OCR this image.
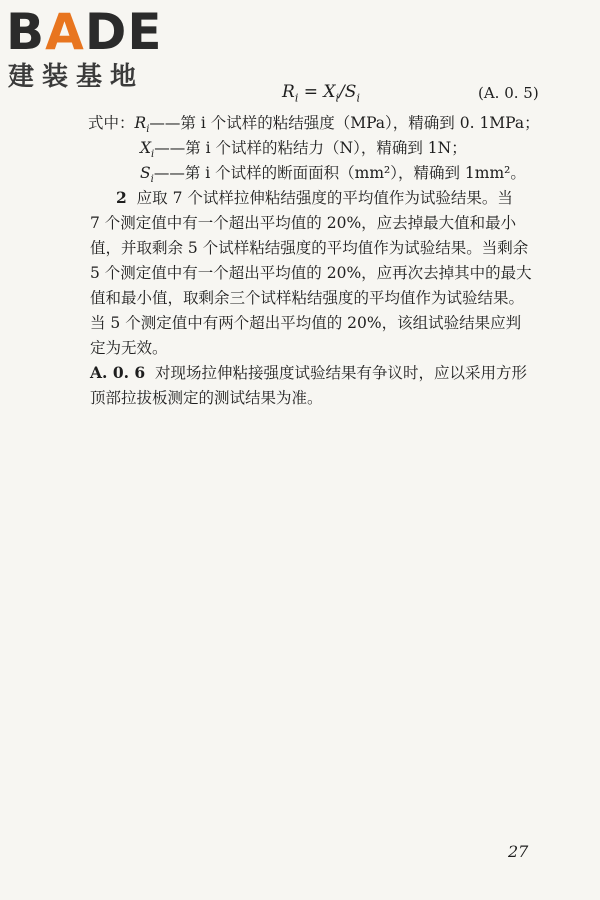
BADE
建装基地	$R_i = X_i/S_i$	(A. 0. 5)
式中：$R_i——$第 i 个试样的粘结强度（MPa），精确到 0. 1MPa；
$X_i——$第 i 个试样的粘结力（N），精确到 1N；
$S_i——$第 i 个试样的断面面积（mm²），精确到 1mm²。
2 应取 7 个试样拉伸粘结强度的平均值作为试验结果。当
7 个测定值中有一个超出平均值的 20%，应去掉最大值和最小
值，并取剩余 5 个试样粘结强度的平均值作为试验结果。当剩余
5 个测定值中有一个超出平均值的 20%，应再次去掉其中的最大
值和最小值，取剩余三个试样粘结强度的平均值作为试验结果。
当 5 个测定值中有两个超出平均值的 20%，该组试验结果应判
定为无效。
A. 0. 6 对现场拉伸粘接强度试验结果有争议时，应以采用方形
顶部拉拔板测定的测试结果为准。
27
